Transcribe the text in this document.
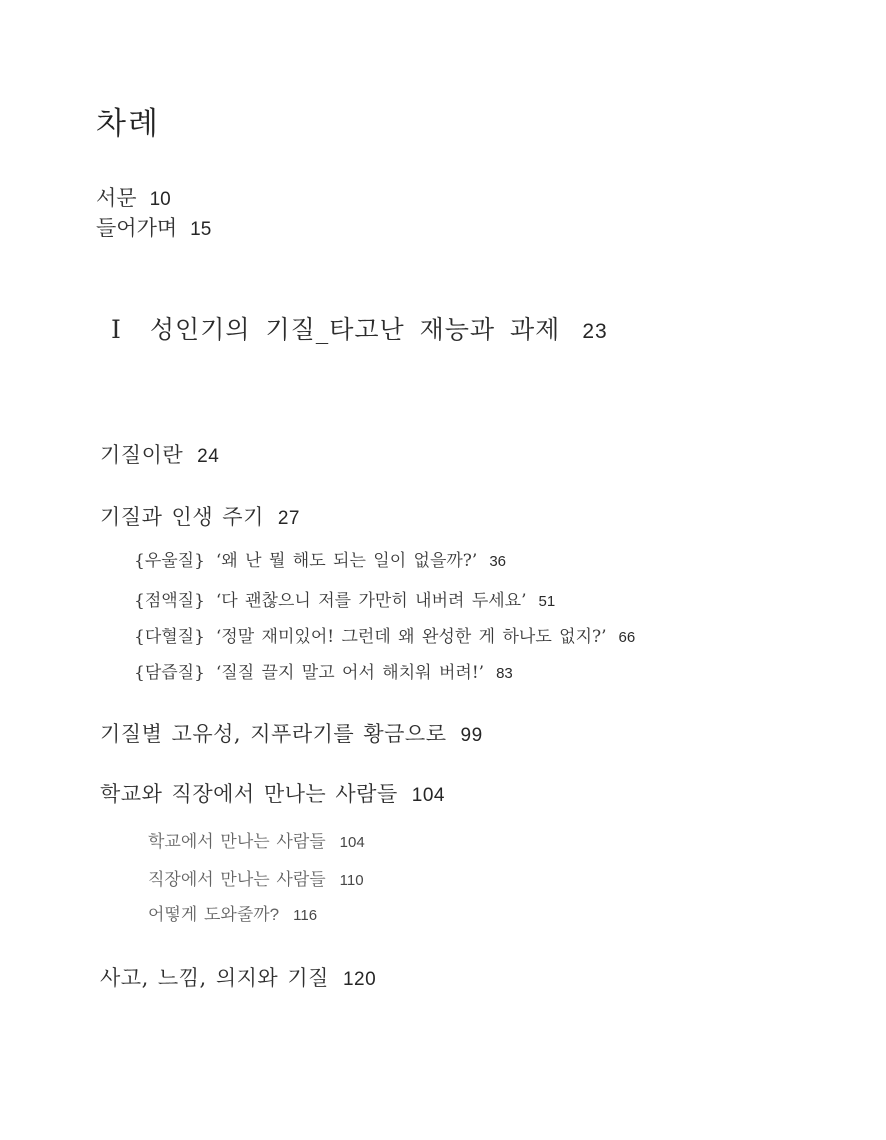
차례
서문 10
들어가며 15
Ⅰ 성인기의 기질_타고난 재능과 과제 23
기질이란 24
기질과 인생 주기 27
{우울질} ‘왜 난 뭘 해도 되는 일이 없을까?’ 36
{점액질} ‘다 괜찮으니 저를 가만히 내버려 두세요’ 51
{다혈질} ‘정말 재미있어! 그런데 왜 완성한 게 하나도 없지?’ 66
{담즙질} ‘질질 끌지 말고 어서 해치워 버려!’ 83
기질별 고유성, 지푸라기를 황금으로 99
학교와 직장에서 만나는 사람들 104
학교에서 만나는 사람들 104
직장에서 만나는 사람들 110
어떻게 도와줄까? 116
사고, 느낌, 의지와 기질 120
